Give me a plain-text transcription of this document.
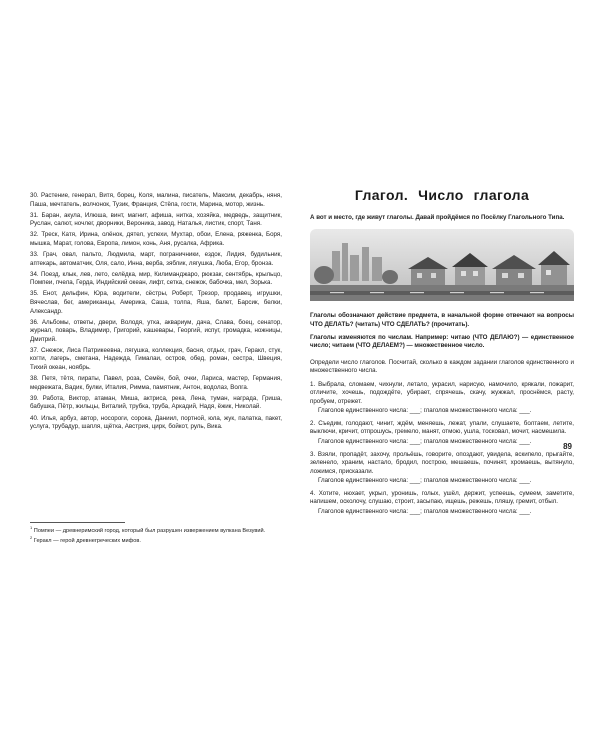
30. Растение, генерал, Витя, борец, Коля, малина, писатель, Максим, декабрь, няня, Паша, мечтатель, волчонок, Тузик, Франция, Стёпа, гости, Марина, мотор, жизнь.

31. Баран, акула, Илюша, винт, магнит, афиша, нитка, хозяйка, медведь, защитник, Руслан, салют, ночлег, дворники, Вероника, завод, Наталья, листик, спорт, Таня.

32. Треск, Катя, Ирина, олёнок, дятел, успехи, Мухтар, обои, Елена, ряженка, Боря, мышка, Марат, голова, Европа, лимон, конь, Аня, русалка, Африка.

33. Грач, овал, пальто, Людмила, март, пограничники, ездок, Лидия, будильник, аптекарь, автоматчик, Оля, сало, Инна, верба, зяблик, лягушка, Люба, Егор, бронза.

34. Поезд, клык, лев, лето, селёдка, мир, Килиманджаро, рюкзак, сентябрь, крыльцо, Помпеи, пчела, Герда, Индийский океан, лифт, сетка, снежок, бабочка, мел, Зорька.

35. Енот, дельфин, Юра, водители, сёстры, Роберт, Трезор, продавец, игрушки, Вячеслав, бег, американцы, Америка, Саша, толпа, Яша, балет, Барсик, белки, Александр.

36. Альбомы, ответы, двери, Володя, утка, аквариум, дача, Слава, боец, сенатор, журнал, поварь, Владимир, Григорий, кашевары, Георгий, испуг, громадка, ножницы, Дмитрий.

37. Снежок, Лиса Патрикеевна, лягушка, коллекция, басня, отдых, грач, Геракл, стук, когти, лагерь, сметана, Надежда, Гималаи, остров, обед, роман, сестра, Швеция, Тихий океан, ноябрь.

38. Петя, тётя, пираты, Павел, роза, Семён, бой, очки, Лариса, мастер, Германия, медвежата, Вадик, булки, Италия, Римма, памятник, Антон, водолаз, Волга.

39. Работа, Виктор, атаман, Миша, актриса, река, Лена, туман, награда, Гриша, бабушка, Пётр, жильцы, Виталий, трубка, труба, Аркадий, Надя, ёжик, Николай.

40. Илья, арбуз, автор, носороги, сорока, Даниил, портной, юла, жук, палатка, пакет, услуга, трубадур, шапля, щётка, Австрия, цирк, бойкот, руль, Вика.

$^1$ Помпеи — древнеримский город, который был разрушен извержением вулкана Везувий.

$^2$ Геракл — герой древнегреческих мифов.

Глагол. Число глагола

А вот и место, где живут глаголы. Давай пройдёмся по Посёлку Глагольного Типа.

Глаголы обозначают действие предмета, в начальной форме отвечают на вопросы ЧТО ДЕЛАТЬ? (читать) ЧТО СДЕЛАТЬ? (прочитать).

Глаголы изменяются по числам. Например: читаю (ЧТО ДЕЛАЮ?) — единственное число; читаем (ЧТО ДЕЛАЕМ?) — множественное число.

Определи число глаголов. Посчитай, сколько в каждом задании глаголов единственного и множественного числа.

1. Выбрала, сломаем, чихнули, летало, украсил, нарисую, намочило, крякали, пожарит, отличите, хочешь, подождёте, убирает, спрячешь, скачу, жужжал, проснёмся, расту, пробуем, отрежет.

Глаголов единственного числа: ___; глаголов множественного числа: ___.

2. Съедим, голодают, чинит, ждём, меняешь, лежат, упали, слушаете, болтаем, летите, выключи, кричит, отпрошусь, гремело, манят, отмою, ушла, тосковал, мочит, насмешила.

Глаголов единственного числа: ___; глаголов множественного числа: ___.

3. Взяли, пропадёт, захочу, прольёшь, говорите, опоздают, увидела, вскипело, прыгайте, зеленело, храним, настало, бродил, построю, мешаешь, починят, хромаешь, вытянуло, ложимся, присказали.

Глаголов единственного числа: ___; глаголов множественного числа: ___.

4. Хотите, нюхает, укрыл, уронишь, голых, ушёл, держит, успеешь, сумеем, заметите, напишем, осколочу, слушаю, строит, засыпаю, ищешь, режешь, пляшу, гремит, отбыл.

Глаголов единственного числа: ___; глаголов множественного числа: ___.

89
